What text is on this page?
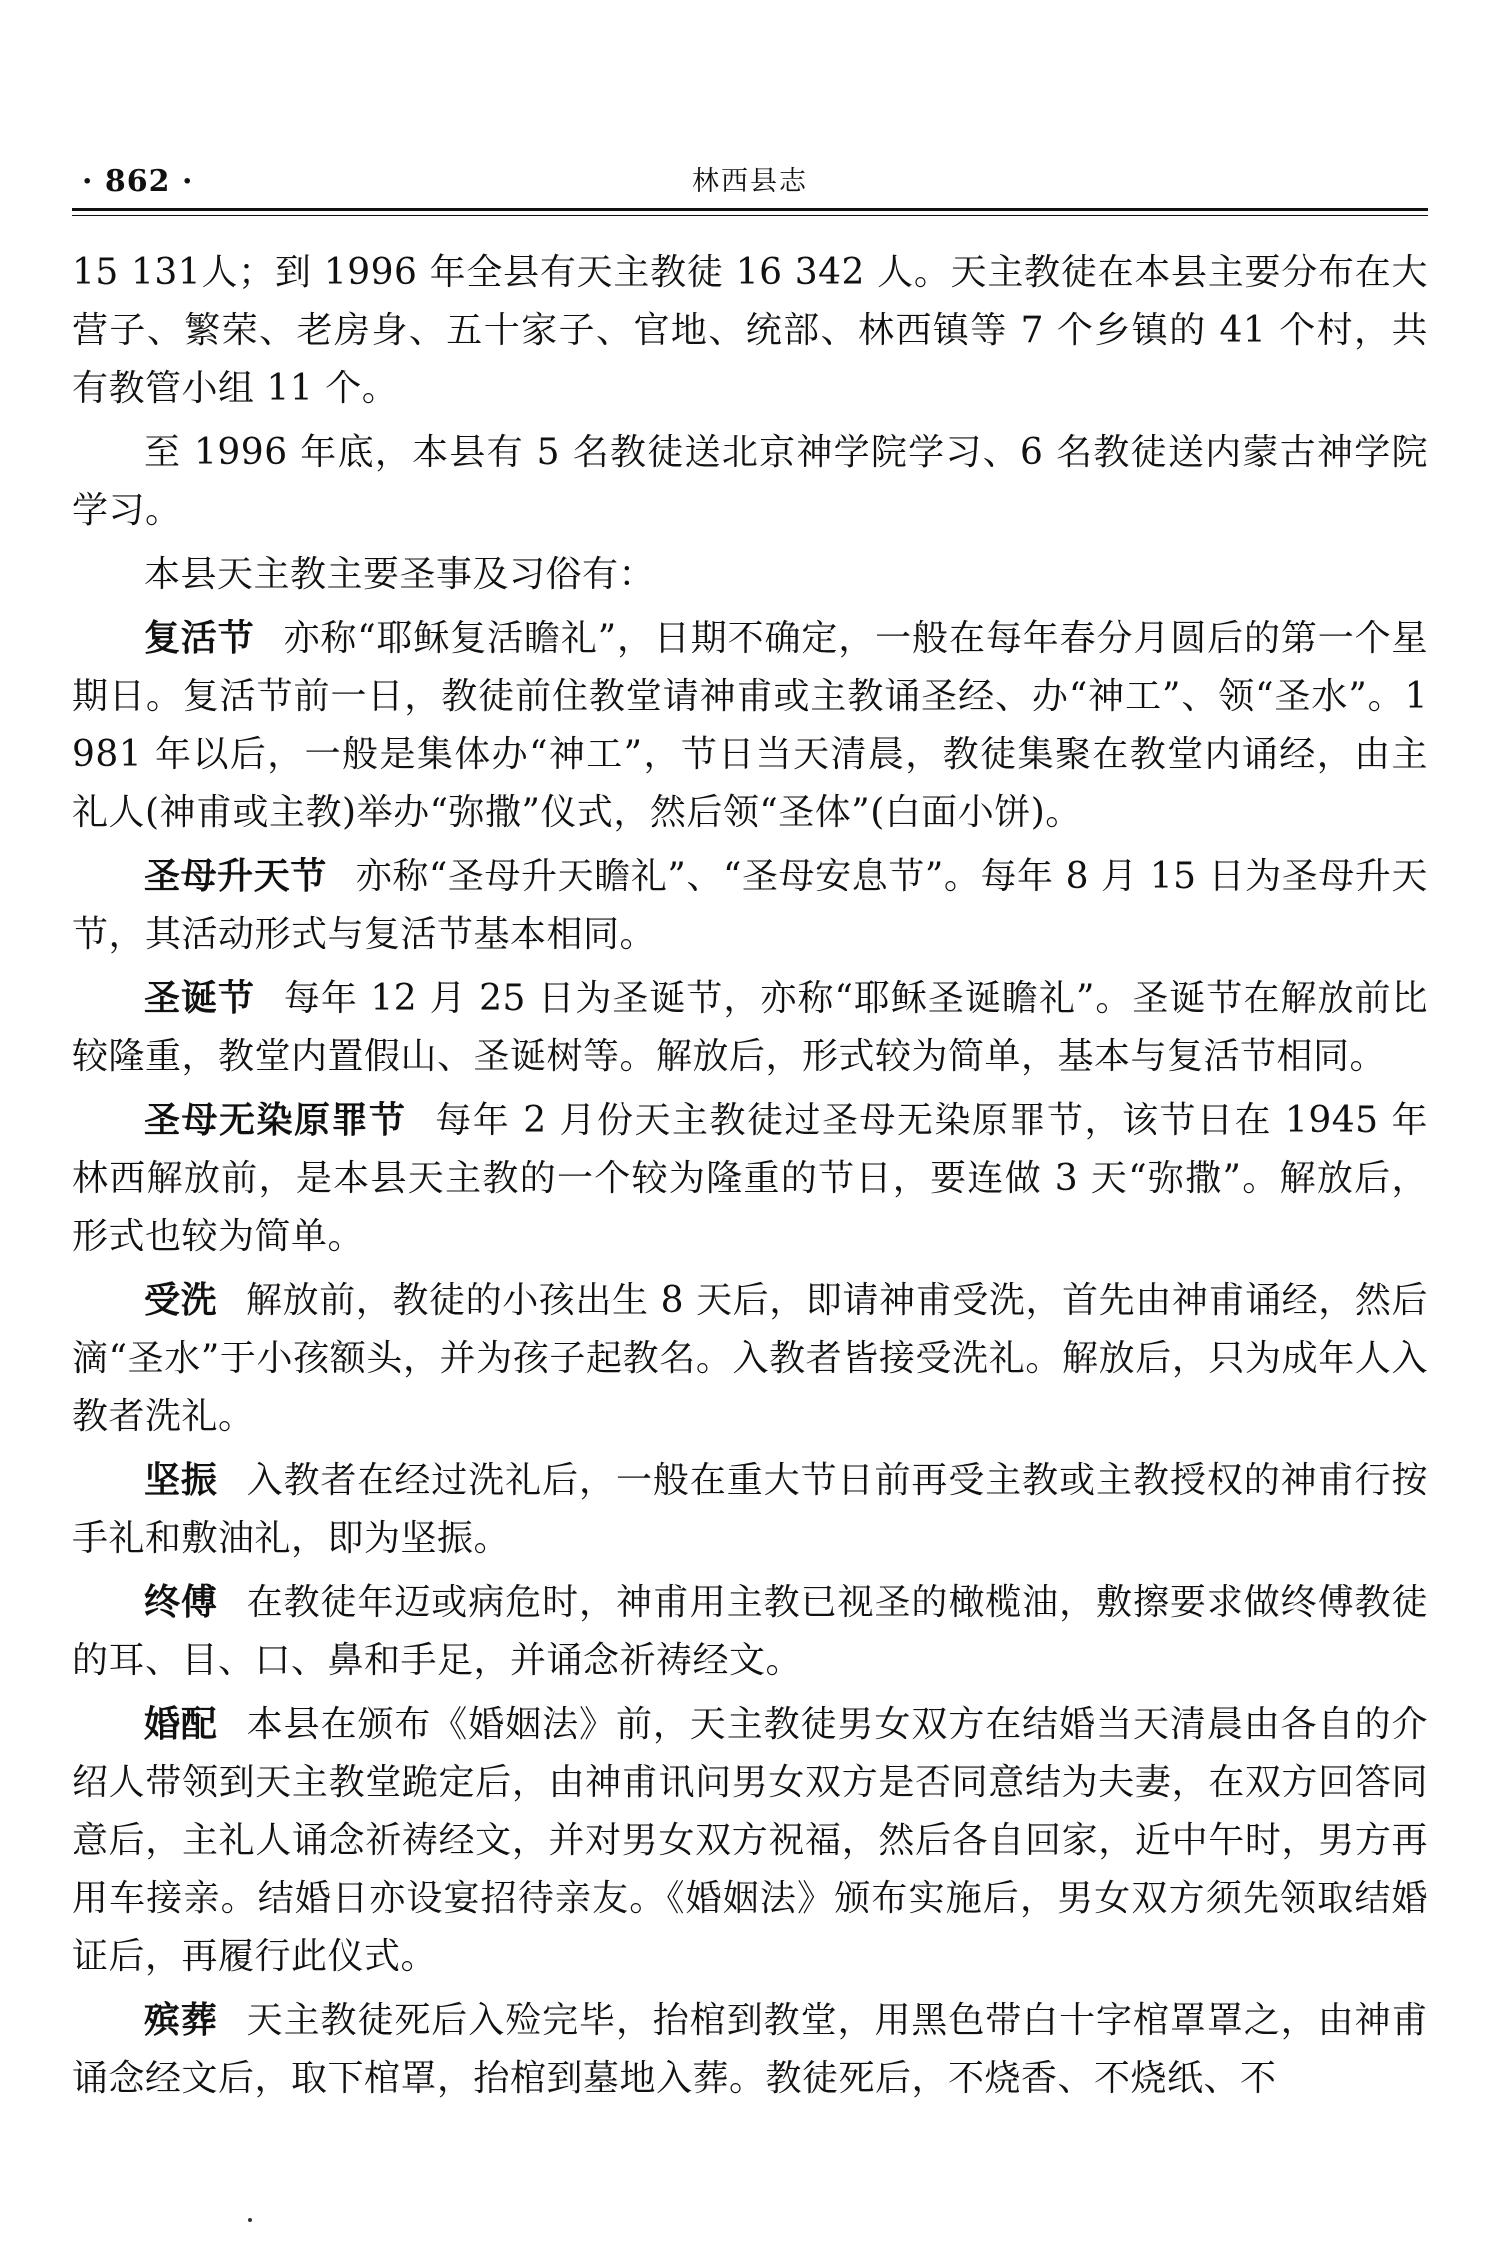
· 862 ·	林西县志

15 131人；到 1996 年全县有天主教徒 16 342 人。天主教徒在本县主要分布在大营子、繁荣、老房身、五十家子、官地、统部、林西镇等 7 个乡镇的 41 个村，共有教管小组 11 个。

至 1996 年底，本县有 5 名教徒送北京神学院学习、6 名教徒送内蒙古神学院学习。

本县天主教主要圣事及习俗有：

复活节 亦称“耶稣复活瞻礼”，日期不确定，一般在每年春分月圆后的第一个星期日。复活节前一日，教徒前住教堂请神甫或主教诵圣经、办“神工”、领“圣水”。1981 年以后，一般是集体办“神工”，节日当天清晨，教徒集聚在教堂内诵经，由主礼人(神甫或主教)举办“弥撒”仪式，然后领“圣体”(白面小饼)。

圣母升天节 亦称“圣母升天瞻礼”、“圣母安息节”。每年 8 月 15 日为圣母升天节，其活动形式与复活节基本相同。

圣诞节 每年 12 月 25 日为圣诞节，亦称“耶稣圣诞瞻礼”。圣诞节在解放前比较隆重，教堂内置假山、圣诞树等。解放后，形式较为简单，基本与复活节相同。

圣母无染原罪节 每年 2 月份天主教徒过圣母无染原罪节，该节日在 1945 年林西解放前，是本县天主教的一个较为隆重的节日，要连做 3 天“弥撒”。解放后，形式也较为简单。

受洗 解放前，教徒的小孩出生 8 天后，即请神甫受洗，首先由神甫诵经，然后滴“圣水”于小孩额头，并为孩子起教名。入教者皆接受洗礼。解放后，只为成年人入教者洗礼。

坚振 入教者在经过洗礼后，一般在重大节日前再受主教或主教授权的神甫行按手礼和敷油礼，即为坚振。

终傅 在教徒年迈或病危时，神甫用主教已视圣的橄榄油，敷擦要求做终傅教徒的耳、目、口、鼻和手足，并诵念祈祷经文。

婚配 本县在颁布《婚姻法》前，天主教徒男女双方在结婚当天清晨由各自的介绍人带领到天主教堂跪定后，由神甫讯问男女双方是否同意结为夫妻，在双方回答同意后，主礼人诵念祈祷经文，并对男女双方祝福，然后各自回家，近中午时，男方再用车接亲。结婚日亦设宴招待亲友。《婚姻法》颁布实施后，男女双方须先领取结婚证后，再履行此仪式。

殡葬 天主教徒死后入殓完毕，抬棺到教堂，用黑色带白十字棺罩罩之，由神甫诵念经文后，取下棺罩，抬棺到墓地入葬。教徒死后，不烧香、不烧纸、不
